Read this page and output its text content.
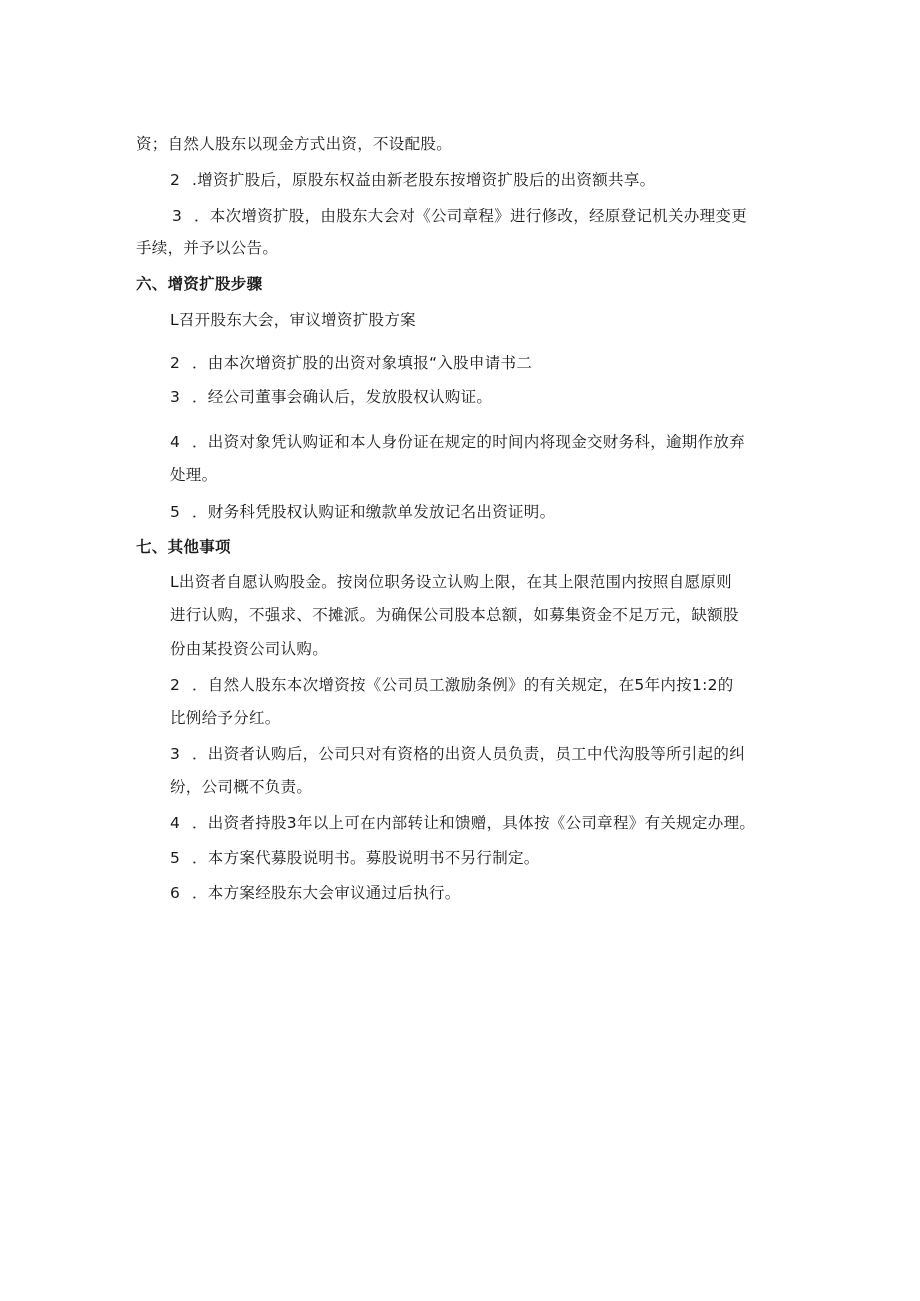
资；自然人股东以现金方式出资，不设配股。
2 .增资扩股后，原股东权益由新老股东按增资扩股后的出资额共享。
3 ．本次增资扩股，由股东大会对《公司章程》进行修改，经原登记机关办理变更
手续，并予以公告。
六、增资扩股步骤
L召开股东大会，审议增资扩股方案
2 ．由本次增资扩股的出资对象填报“入股申请书二
3 ．经公司董事会确认后，发放股权认购证。
4 ．出资对象凭认购证和本人身份证在规定的时间内将现金交财务科，逾期作放弃
处理。
5 ．财务科凭股权认购证和缴款单发放记名出资证明。
七、其他事项
L出资者自愿认购股金。按岗位职务设立认购上限，在其上限范围内按照自愿原则
进行认购，不强求、不摊派。为确保公司股本总额，如募集资金不足万元，缺额股
份由某投资公司认购。
2 ．自然人股东本次增资按《公司员工激励条例》的有关规定，在5年内按1:2的
比例给予分红。
3 ．出资者认购后，公司只对有资格的出资人员负责，员工中代沟股等所引起的纠
纷，公司概不负责。
4 ．出资者持股3年以上可在内部转让和馈赠，具体按《公司章程》有关规定办理。
5 ．本方案代募股说明书。募股说明书不另行制定。
6 ．本方案经股东大会审议通过后执行。
